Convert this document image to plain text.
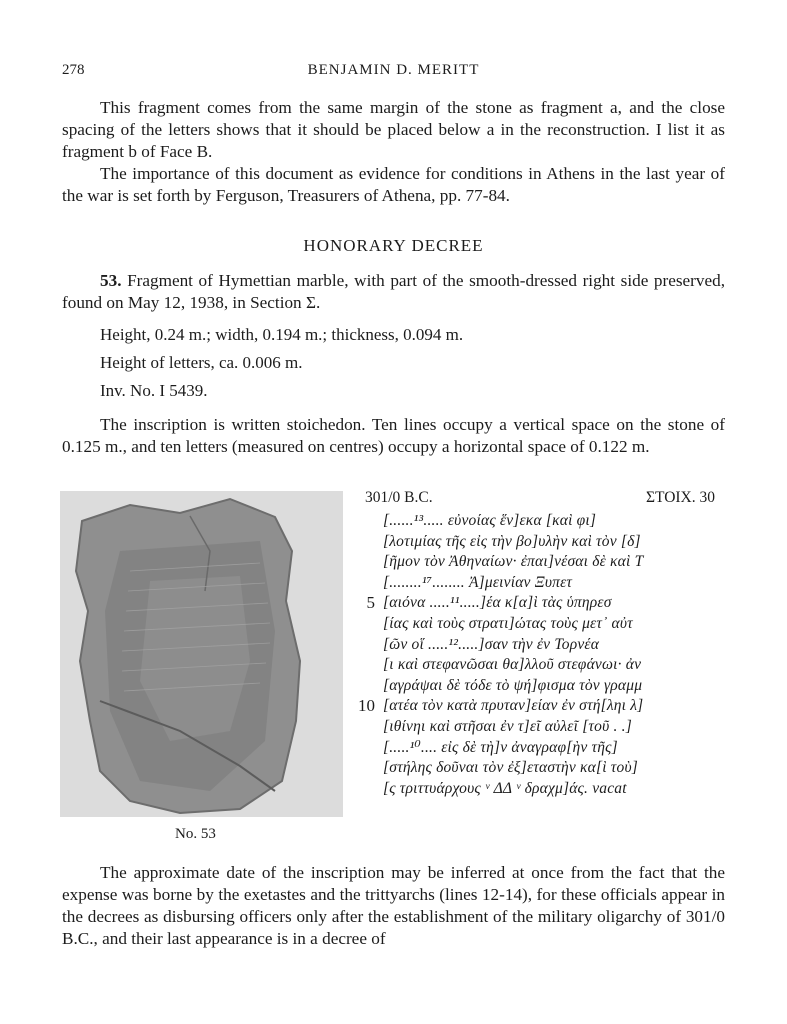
278	BENJAMIN D. MERITT

This fragment comes from the same margin of the stone as fragment a, and the close spacing of the letters shows that it should be placed below a in the reconstruction. I list it as fragment b of Face B.

The importance of this document as evidence for conditions in Athens in the last year of the war is set forth by Ferguson, Treasurers of Athena, pp. 77-84.

HONORARY DECREE

53. Fragment of Hymettian marble, with part of the smooth-dressed right side preserved, found on May 12, 1938, in Section Σ.

Height, 0.24 m.; width, 0.194 m.; thickness, 0.094 m.
Height of letters, ca. 0.006 m.
Inv. No. I 5439.

The inscription is written stoichedon. Ten lines occupy a vertical space on the stone of 0.125 m., and ten letters (measured on centres) occupy a horizontal space of 0.122 m.

No. 53
301/0 B.C.	ΣΤΟΙΧ. 30
[......¹³..... εὐνοίας ἕν]εκα [καὶ φι]
[λοτιμίας τῆς εἰς τὴν βο]υλὴν καὶ τὸν [δ]
[ῆμον τὸν Ἀθηναίων· ἐπαι]νέσαι δὲ καὶ Τ
[........¹⁷........ Ἀ]μεινίαν Ξυπετ
5 [αιόνα .....¹¹.....]έα κ[α]ὶ τὰς ὑπηρεσ
[ίας καὶ τοὺς στρατι]ώτας τοὺς μετ᾽ αὐτ
[ῶν οἵ .....¹².....]σαν τὴν ἐν Τορνέα
[ι καὶ στεφανῶσαι θα]λλοῦ στεφάνωι· ἀν
[αγράψαι δὲ τόδε τὸ ψή]φισμα τὸν γραμμ
10 [ατέα τὸν κατὰ πρυταν]είαν ἐν στή[ληι λ]
[ιθίνηι καὶ στῆσαι ἐν τ]εῖ αὐλεῖ [τοῦ . .]
[.....¹⁰.... εἰς δὲ τὴ]ν ἀναγραφ[ὴν τῆς]
[στήλης δοῦναι τὸν ἐξ]εταστὴν κα[ὶ τοὺ]
[ς τριττυάρχους ᵛ ΔΔ ᵛ δραχμ]άς. vacat

The approximate date of the inscription may be inferred at once from the fact that the expense was borne by the exetastes and the trittyarchs (lines 12-14), for these officials appear in the decrees as disbursing officers only after the establishment of the military oligarchy of 301/0 B.C., and their last appearance is in a decree of
